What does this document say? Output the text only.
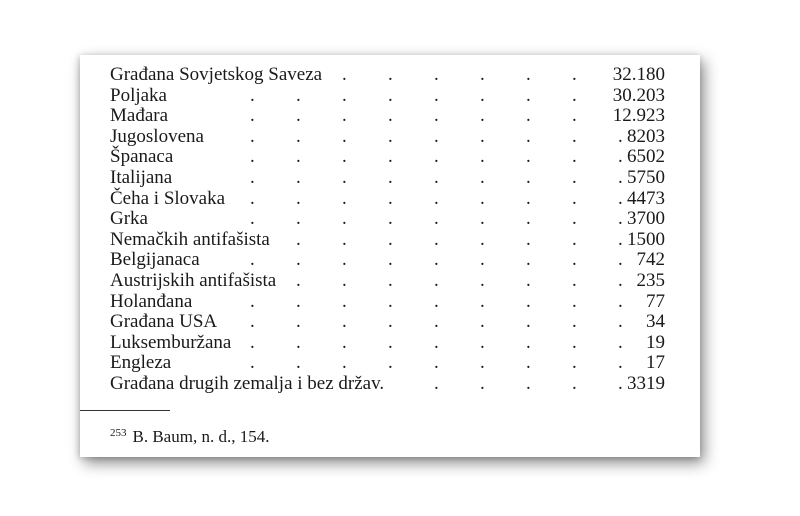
Građana Sovjetskog Saveza	32.180
. . . . . .
Poljaka	30.203
. . . . . . . .
Mađara	12.923
. . . . . . . .
Jugoslovena	8203
. . . . . . . . .
Španaca	6502
. . . . . . . . .
Italijana	5750
. . . . . . . . .
Čeha i Slovaka	4473
. . . . . . . . .
Grka	3700
. . . . . . . . .
Nemačkih antifašista	1500
. . . . . . . .
Belgijanaca	742
. . . . . . . . .
Austrijskih antifašista	235
. . . . . . . .
Holanđana	77
. . . . . . . . .
Građana USA	34
. . . . . . . . .
Luksemburžana	19
. . . . . . . . .
Engleza	17
. . . . . . . . .
Građana drugih zemalja i bez držav.	3319
. . . . .
$^{253}$ B. Baum, n. d., 154.
